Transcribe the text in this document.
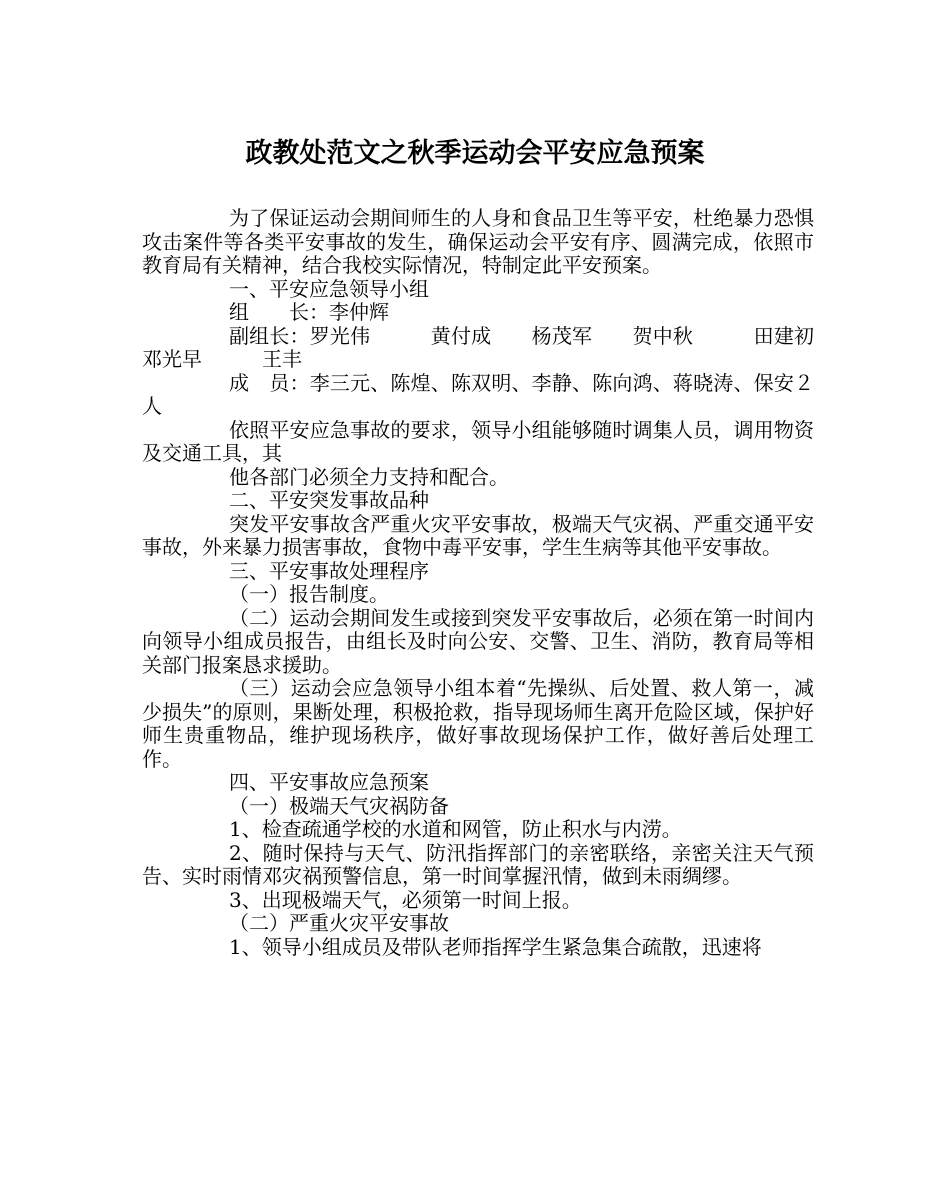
政教处范文之秋季运动会平安应急预案

为了保证运动会期间师生的人身和食品卫生等平安，杜绝暴力恐惧攻击案件等各类平安事故的发生，确保运动会平安有序、圆满完成，依照市教育局有关精神，结合我校实际情况，特制定此平安预案。

一、平安应急领导小组

组　　长：李仲辉

副组长：罗光伟　　　黄付成　　杨茂军　　贺中秋　　　田建初　　　邓光早　　　王丰

成　员：李三元、陈煌、陈双明、李静、陈向鸿、蒋晓涛、保安２人

依照平安应急事故的要求，领导小组能够随时调集人员，调用物资及交通工具，其

他各部门必须全力支持和配合。

二、平安突发事故品种

突发平安事故含严重火灾平安事故，极端天气灾祸、严重交通平安事故，外来暴力损害事故，食物中毒平安事，学生生病等其他平安事故。

三、平安事故处理程序

（一）报告制度。

（二）运动会期间发生或接到突发平安事故后，必须在第一时间内向领导小组成员报告，由组长及时向公安、交警、卫生、消防，教育局等相关部门报案恳求援助。

（三）运动会应急领导小组本着“先操纵、后处置、救人第一，减少损失”的原则，果断处理，积极抢救，指导现场师生离开危险区域，保护好师生贵重物品，维护现场秩序，做好事故现场保护工作，做好善后处理工作。

四、平安事故应急预案

（一）极端天气灾祸防备

1、检查疏通学校的水道和网管，防止积水与内涝。

2、随时保持与天气、防汛指挥部门的亲密联络，亲密关注天气预告、实时雨情邓灾祸预警信息，第一时间掌握汛情，做到未雨绸缪。

3、出现极端天气，必须第一时间上报。

（二）严重火灾平安事故

1、领导小组成员及带队老师指挥学生紧急集合疏散，迅速将
